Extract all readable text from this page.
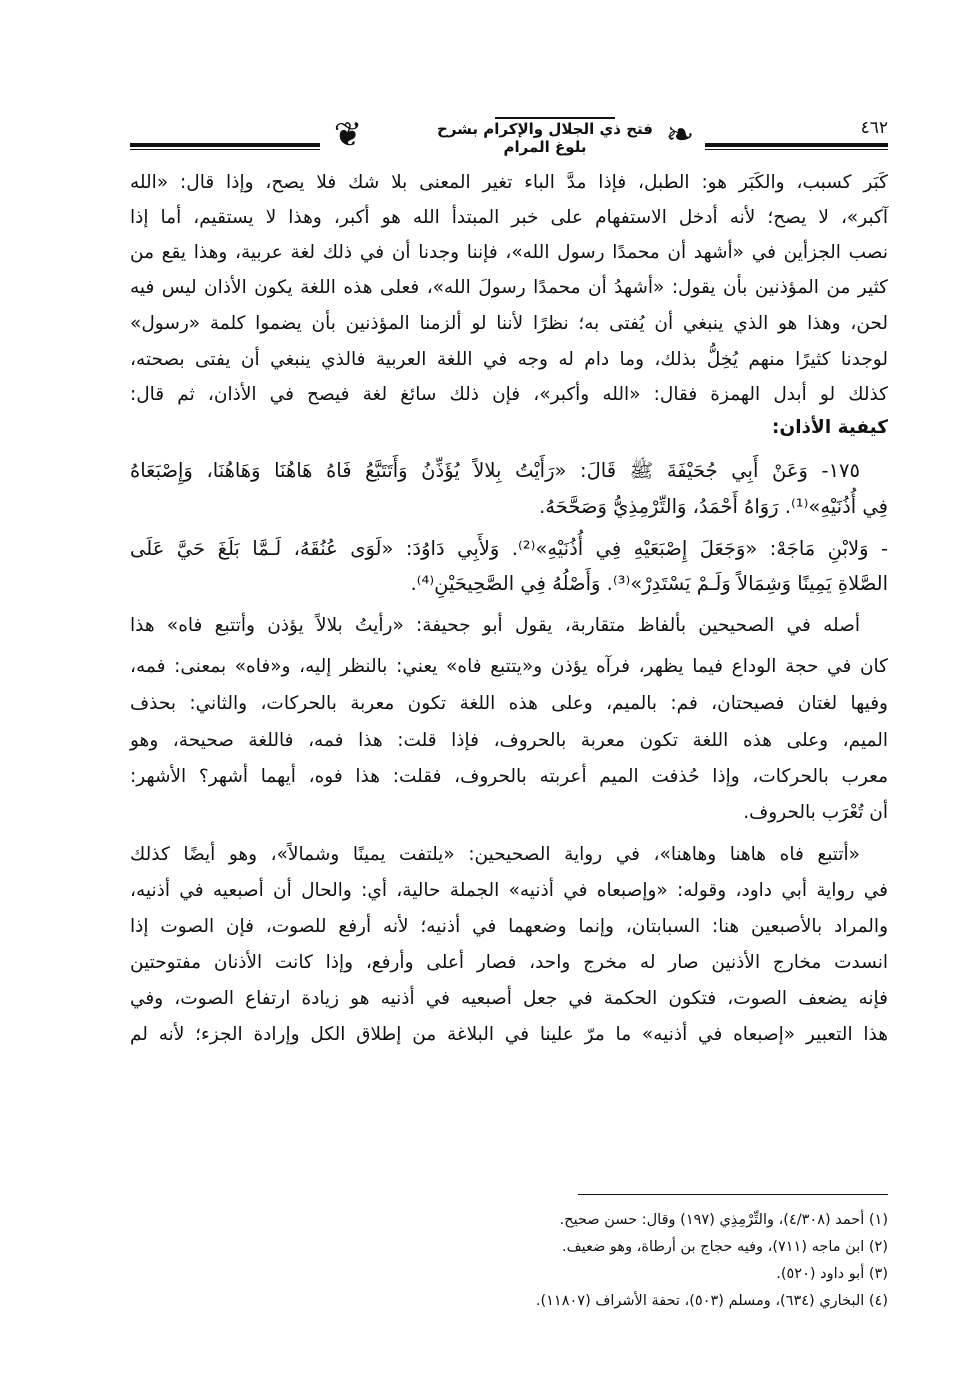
❦	فتح ذي الجلال والإكرام بشرح بلوغ المرام	❧	٤٦٢
كَبَر كسبب، والكَبَر هو: الطبل، فإذا مدَّ الباء تغير المعنى بلا شك فلا يصح، وإذا قال: «الله
آكبر»، لا يصح؛ لأنه أدخل الاستفهام على خبر المبتدأ الله هو أكبر، وهذا لا يستقيم، أما إذا
نصب الجزأين في «أشهد أن محمدًا رسول الله»، فإننا وجدنا أن في ذلك لغة عربية، وهذا يقع من
كثير من المؤذنين بأن يقول: «أشهدُ أن محمدًا رسولَ الله»، فعلى هذه اللغة يكون الأذان ليس فيه
لحن، وهذا هو الذي ينبغي أن يُفتى به؛ نظرًا لأننا لو ألزمنا المؤذنين بأن يضموا كلمة «رسول»
لوجدنا كثيرًا منهم يُخِلُّ بذلك، وما دام له وجه في اللغة العربية فالذي ينبغي أن يفتى بصحته،
كذلك لو أبدل الهمزة فقال: «الله وأكبر»، فإن ذلك سائغ لغة فيصح في الأذان، ثم قال:
كيفية الأذان:
١٧٥- وَعَنْ أَبِي جُحَيْفَةَ ﷺ قَالَ: «رَأَيْتُ بِلالاً يُؤَذِّنُ وَأَتَتَبَّعُ فَاهُ هَاهُنَا وَهَاهُنَا، وَإِصْبَعَاهُ
فِي أُذُنَيْهِ»⁽¹⁾. رَوَاهُ أَحْمَدُ، وَالتِّرْمِذِيُّ وَصَحَّحَهُ.
- وَلابْنِ مَاجَهْ: «وَجَعَلَ إِصْبَعَيْهِ فِي أُذُنَيْهِ»⁽²⁾. وَلأَبِي دَاوُدَ: «لَوَى عُنُقَهُ، لَـمَّا بَلَغَ حَيَّ عَلَى
الصَّلاةِ يَمِينًا وَشِمَالاً وَلَـمْ يَسْتَدِرْ»⁽³⁾. وَأَصْلُهُ فِي الصَّحِيحَيْنِ⁽⁴⁾.
أصله في الصحيحين بألفاظ متقاربة، يقول أبو جحيفة: «رأيتُ بلالاً يؤذن وأتتبع فاه» هذا
كان في حجة الوداع فيما يظهر، فرآه يؤذن و«يتتبع فاه» يعني: بالنظر إليه، و«فاه» بمعنى: فمه،
وفيها لغتان فصيحتان، فم: بالميم، وعلى هذه اللغة تكون معربة بالحركات، والثاني: بحذف
الميم، وعلى هذه اللغة تكون معربة بالحروف، فإذا قلت: هذا فمه، فاللغة صحيحة، وهو
معرب بالحركات، وإذا حُذفت الميم أعربته بالحروف، فقلت: هذا فوه، أيهما أشهر؟ الأشهر:
أن تُعْرَب بالحروف.
«أتتبع فاه هاهنا وهاهنا»، في رواية الصحيحين: «يلتفت يمينًا وشمالاً»، وهو أيضًا كذلك
في رواية أبي داود، وقوله: «وإصبعاه في أذنيه» الجملة حالية، أي: والحال أن أصبعيه في أذنيه،
والمراد بالأصبعين هنا: السبابتان، وإنما وضعهما في أذنيه؛ لأنه أرفع للصوت، فإن الصوت إذا
انسدت مخارج الأذنين صار له مخرج واحد، فصار أعلى وأرفع، وإذا كانت الأذنان مفتوحتين
فإنه يضعف الصوت، فتكون الحكمة في جعل أصبعيه في أذنيه هو زيادة ارتفاع الصوت، وفي
هذا التعبير «إصبعاه في أذنيه» ما مرّ علينا في البلاغة من إطلاق الكل وإرادة الجزء؛ لأنه لم
(١) أحمد (٤/٣٠٨)، والتِّرْمِذِي (١٩٧) وقال: حسن صحيح.
(٢) ابن ماجه (٧١١)، وفيه حجاج بن أرطاة، وهو ضعيف.
(٣) أبو داود (٥٢٠).
(٤) البخاري (٦٣٤)، ومسلم (٥٠٣)، تحفة الأشراف (١١٨٠٧).
